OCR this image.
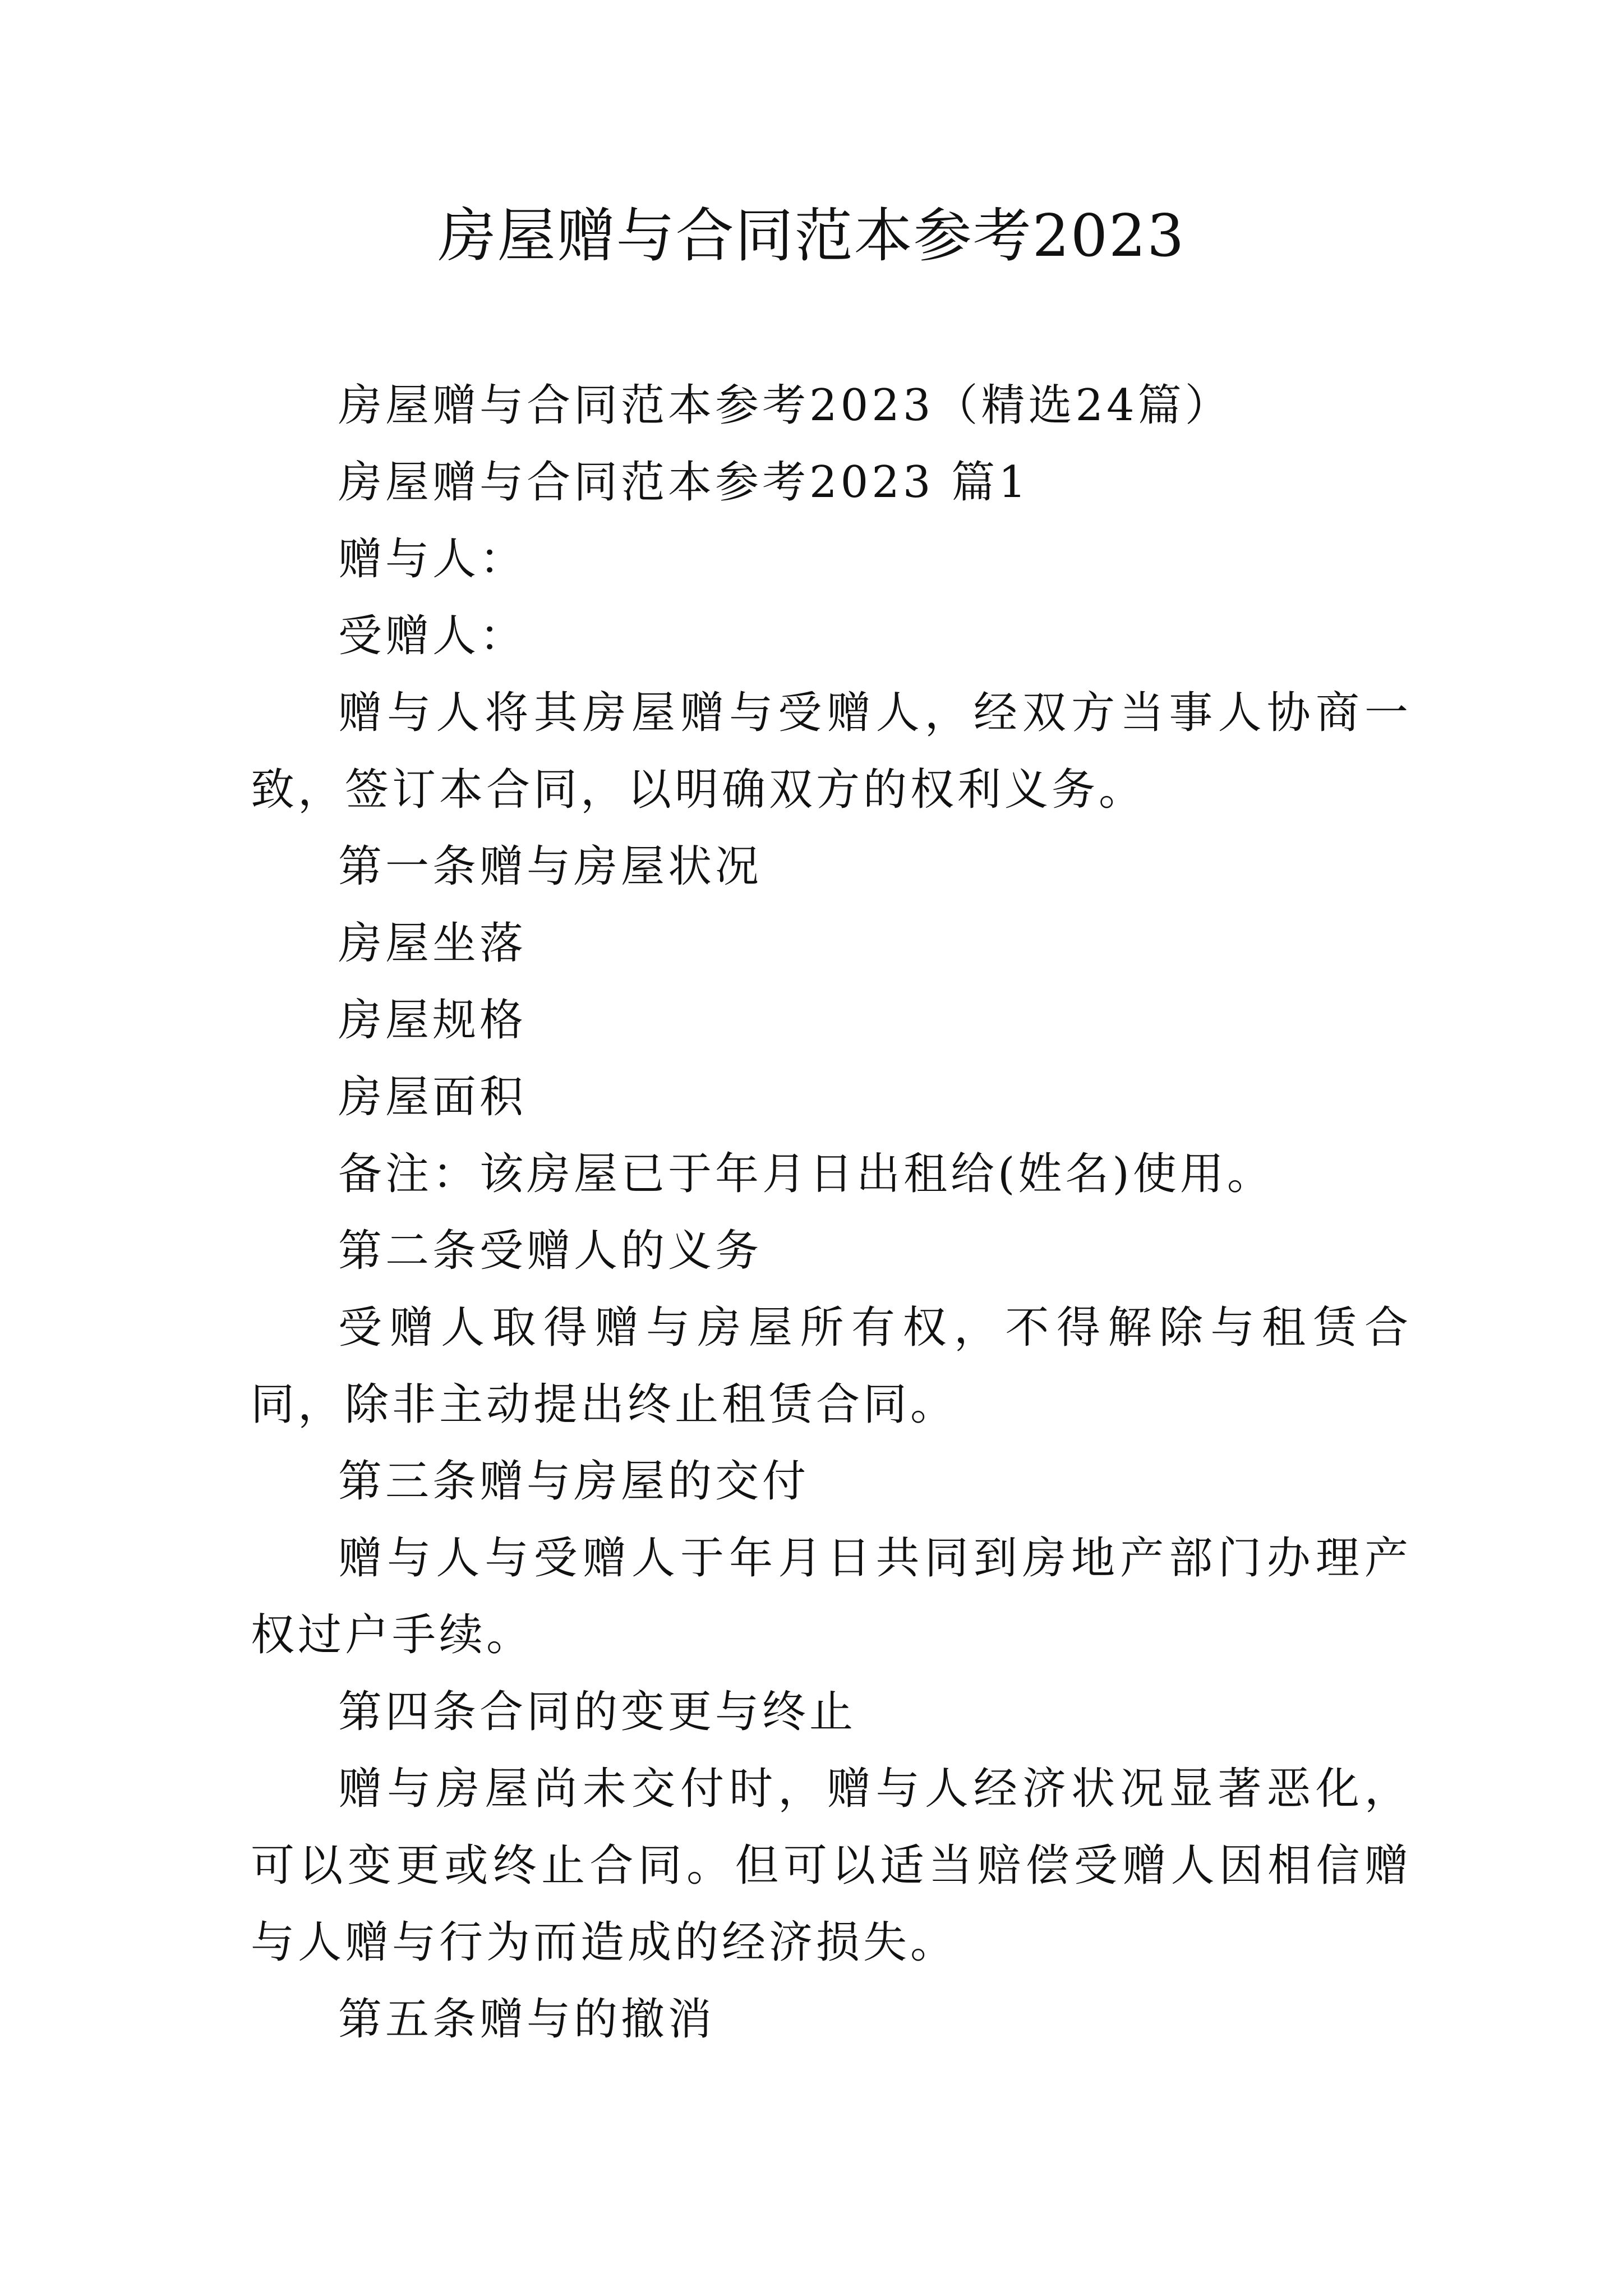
房屋赠与合同范本参考2023

房屋赠与合同范本参考2023（精选24篇）

房屋赠与合同范本参考2023 篇1

赠与人：

受赠人：

赠与人将其房屋赠与受赠人，经双方当事人协商一致，签订本合同，以明确双方的权利义务。

第一条赠与房屋状况

房屋坐落

房屋规格

房屋面积

备注：该房屋已于年月日出租给(姓名)使用。

第二条受赠人的义务

受赠人取得赠与房屋所有权，不得解除与租赁合同，除非主动提出终止租赁合同。

第三条赠与房屋的交付

赠与人与受赠人于年月日共同到房地产部门办理产权过户手续。

第四条合同的变更与终止

赠与房屋尚未交付时，赠与人经济状况显著恶化，可以变更或终止合同。但可以适当赔偿受赠人因相信赠与人赠与行为而造成的经济损失。

第五条赠与的撤消
